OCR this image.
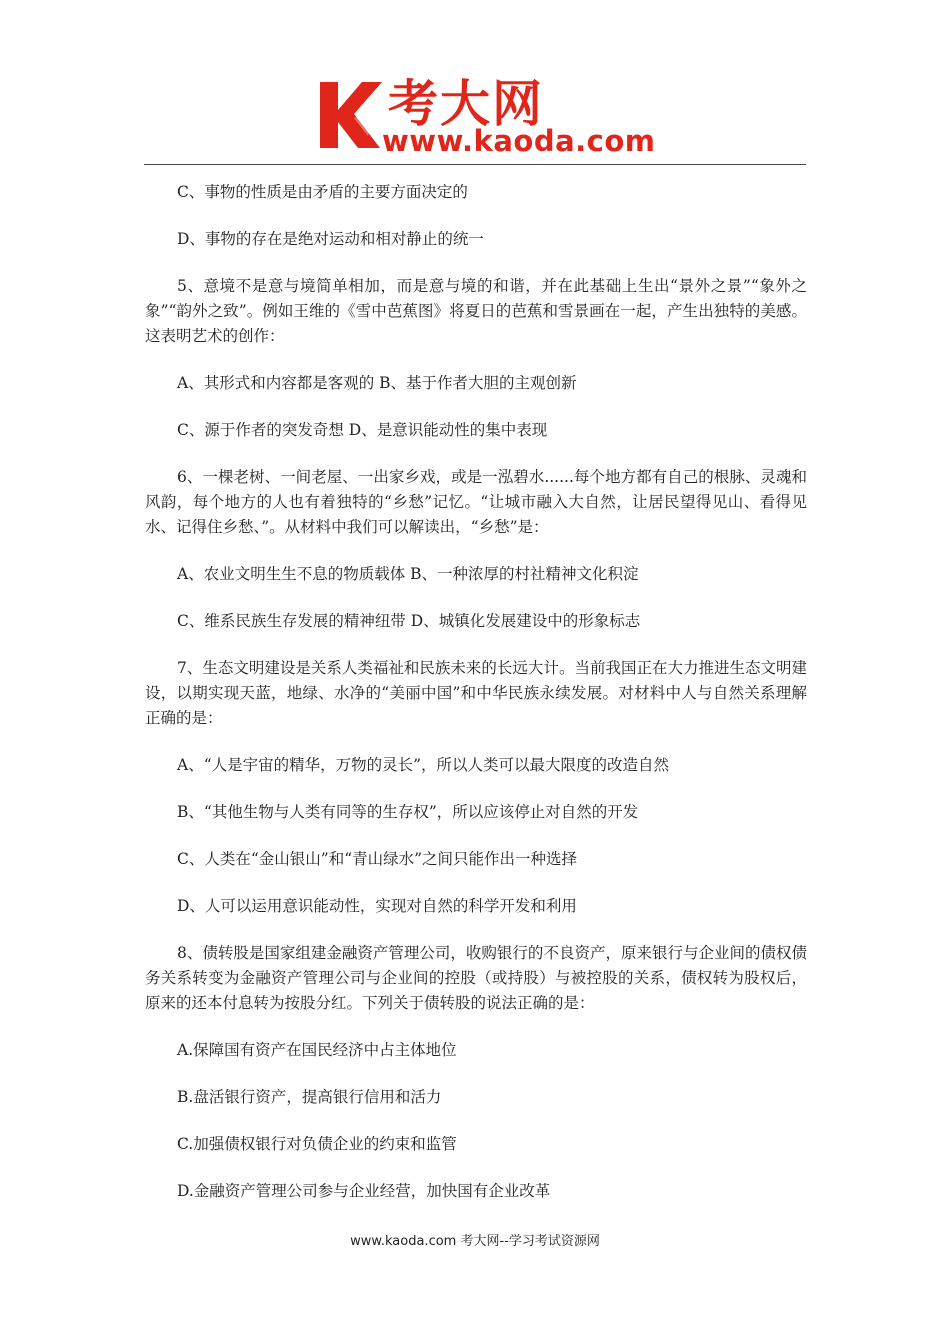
考大网
www.kaoda.com

C、事物的性质是由矛盾的主要方面决定的

D、事物的存在是绝对运动和相对静止的统一

5、意境不是意与境简单相加，而是意与境的和谐，并在此基础上生出“景外之景”“象外之象”“韵外之致”。例如王维的《雪中芭蕉图》将夏日的芭蕉和雪景画在一起，产生出独特的美感。这表明艺术的创作：

A、其形式和内容都是客观的 B、基于作者大胆的主观创新

C、源于作者的突发奇想 D、是意识能动性的集中表现

6、一棵老树、一间老屋、一出家乡戏，或是一泓碧水......每个地方都有自己的根脉、灵魂和风韵，每个地方的人也有着独特的“乡愁”记忆。“让城市融入大自然，让居民望得见山、看得见水、记得住乡愁、”。从材料中我们可以解读出，“乡愁”是：

A、农业文明生生不息的物质载体 B、一种浓厚的村社精神文化积淀

C、维系民族生存发展的精神纽带 D、城镇化发展建设中的形象标志

7、生态文明建设是关系人类福祉和民族未来的长远大计。当前我国正在大力推进生态文明建设，以期实现天蓝，地绿、水净的“美丽中国”和中华民族永续发展。对材料中人与自然关系理解正确的是：

A、“人是宇宙的精华，万物的灵长”，所以人类可以最大限度的改造自然

B、“其他生物与人类有同等的生存权”，所以应该停止对自然的开发

C、人类在“金山银山”和“青山绿水”之间只能作出一种选择

D、人可以运用意识能动性，实现对自然的科学开发和利用

8、债转股是国家组建金融资产管理公司，收购银行的不良资产，原来银行与企业间的债权债务关系转变为金融资产管理公司与企业间的控股（或持股）与被控股的关系，债权转为股权后，原来的还本付息转为按股分红。下列关于债转股的说法正确的是：

A.保障国有资产在国民经济中占主体地位

B.盘活银行资产，提高银行信用和活力

C.加强债权银行对负债企业的约束和监管

D.金融资产管理公司参与企业经营，加快国有企业改革

www.kaoda.com 考大网--学习考试资源网
